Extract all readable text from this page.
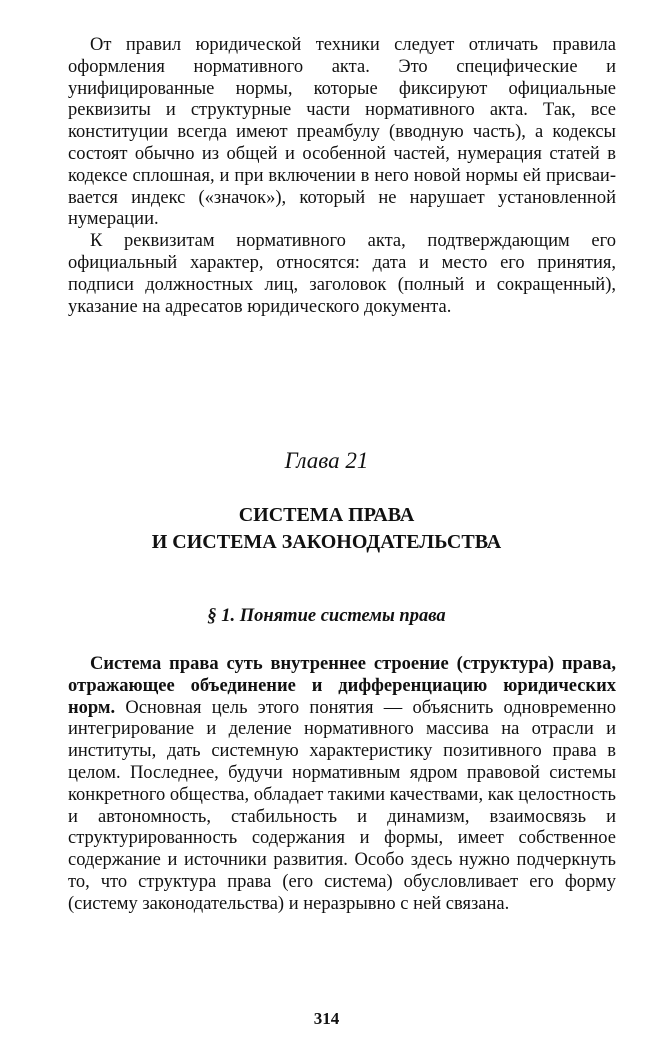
От правил юридической техники следует отличать правила оформления нормативного акта. Это специфические и унифицированные нормы, которые фиксируют официальные реквизиты и структурные части нормативного акта. Так, все конституции всегда имеют преамбулу (вводную часть), а кодексы состоят обычно из общей и особенной частей, нумерация статей в кодексе сплошная, и при включении в него новой нормы ей присваивается индекс («значок»), который не нарушает установленной нумерации.

К реквизитам нормативного акта, подтверждающим его официальный характер, относятся: дата и место его принятия, подписи должностных лиц, заголовок (полный и сокращенный), указание на адресатов юридического документа.

Глава 21
СИСТЕМА ПРАВА
И СИСТЕМА ЗАКОНОДАТЕЛЬСТВА
§ 1. Понятие системы права

Система права суть внутреннее строение (структура) права, отражающее объединение и дифференциацию юридических норм. Основная цель этого понятия — объяснить одновременно интегрирование и деление нормативного массива на отрасли и институты, дать системную характеристику позитивного права в целом. Последнее, будучи нормативным ядром правовой системы конкретного общества, обладает такими качествами, как целостность и автономность, стабильность и динамизм, взаимосвязь и структурированность содержания и формы, имеет собственное содержание и источники развития. Особо здесь нужно подчеркнуть то, что структура права (его система) обусловливает его форму (систему законодательства) и неразрывно с ней связана.

314
